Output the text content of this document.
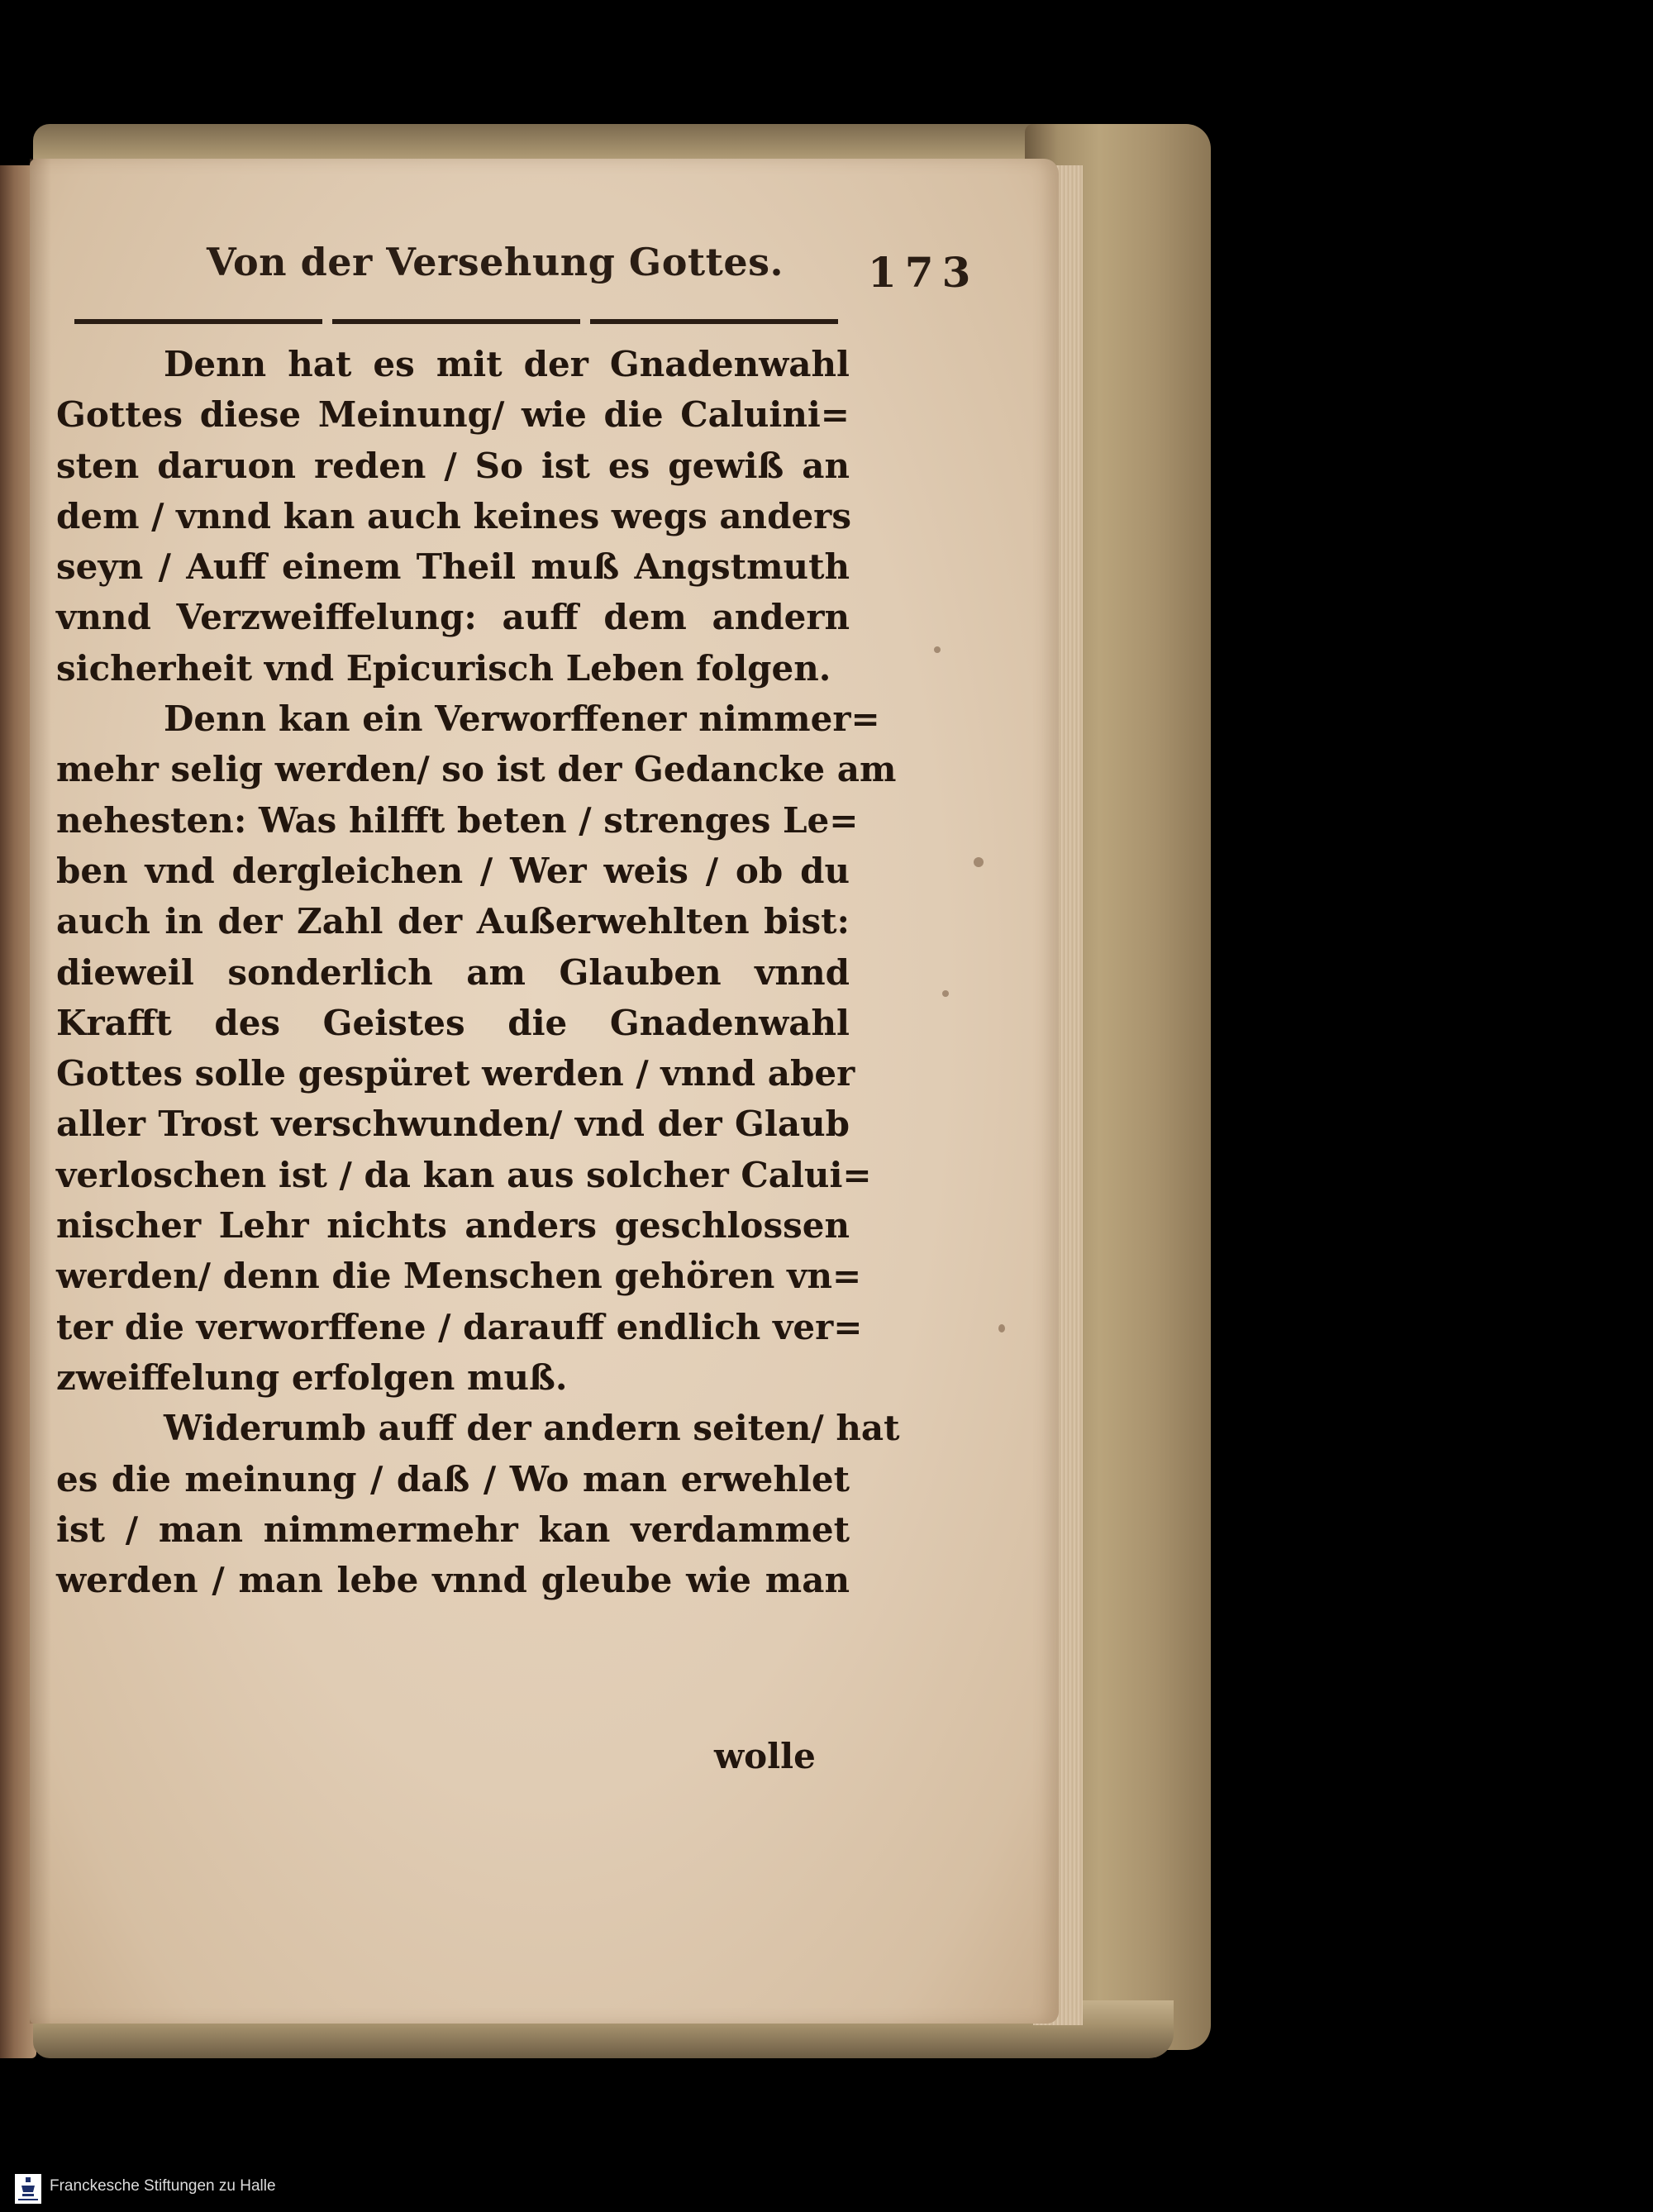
Von der Versehung Gottes. 173
Denn hat es mit der Gnadenwahl
Gottes diese Meinung/ wie die Caluini=
sten daruon reden / So ist es gewiß an
dem / vnnd kan auch keines wegs anders
seyn / Auff einem Theil muß Angstmuth
vnnd Verzweiffelung: auff dem andern
sicherheit vnd Epicurisch Leben folgen.
Denn kan ein Verworffener nimmer=
mehr selig werden/ so ist der Gedancke am
nehesten: Was hilfft beten / strenges Le=
ben vnd dergleichen / Wer weis / ob du
auch in der Zahl der Außerwehlten bist:
dieweil sonderlich am Glauben vnnd
Krafft des Geistes die Gnadenwahl
Gottes solle gespüret werden / vnnd aber
aller Trost verschwunden/ vnd der Glaub
verloschen ist / da kan aus solcher Calui=
nischer Lehr nichts anders geschlossen
werden/ denn die Menschen gehören vn=
ter die verworffene / darauff endlich ver=
zweiffelung erfolgen muß.
Widerumb auff der andern seiten/ hat
es die meinung / daß / Wo man erwehlet
ist / man nimmermehr kan verdammet
werden / man lebe vnnd gleube wie man
wolle
Franckesche Stiftungen zu Halle
